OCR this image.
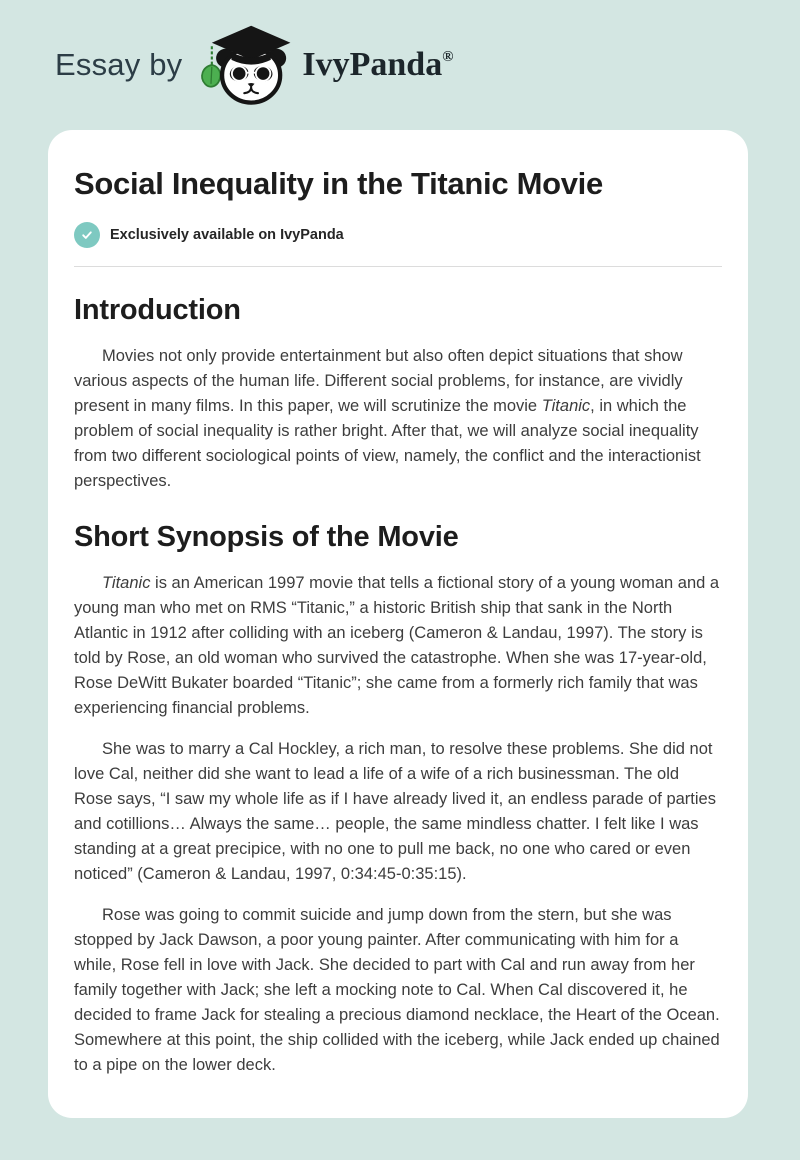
Essay by	IvyPanda®
Social Inequality in the Titanic Movie
Exclusively available on IvyPanda
Introduction

Movies not only provide entertainment but also often depict situations that show various aspects of the human life. Different social problems, for instance, are vividly present in many films. In this paper, we will scrutinize the movie Titanic, in which the problem of social inequality is rather bright. After that, we will analyze social inequality from two different sociological points of view, namely, the conflict and the interactionist perspectives.

Short Synopsis of the Movie

Titanic is an American 1997 movie that tells a fictional story of a young woman and a young man who met on RMS “Titanic,” a historic British ship that sank in the North Atlantic in 1912 after colliding with an iceberg (Cameron & Landau, 1997). The story is told by Rose, an old woman who survived the catastrophe. When she was 17-year-old, Rose DeWitt Bukater boarded “Titanic”; she came from a formerly rich family that was experiencing financial problems.

She was to marry a Cal Hockley, a rich man, to resolve these problems. She did not love Cal, neither did she want to lead a life of a wife of a rich businessman. The old Rose says, “I saw my whole life as if I have already lived it, an endless parade of parties and cotillions… Always the same… people, the same mindless chatter. I felt like I was standing at a great precipice, with no one to pull me back, no one who cared or even noticed” (Cameron & Landau, 1997, 0:34:45-0:35:15).

Rose was going to commit suicide and jump down from the stern, but she was stopped by Jack Dawson, a poor young painter. After communicating with him for a while, Rose fell in love with Jack. She decided to part with Cal and run away from her family together with Jack; she left a mocking note to Cal. When Cal discovered it, he decided to frame Jack for stealing a precious diamond necklace, the Heart of the Ocean. Somewhere at this point, the ship collided with the iceberg, while Jack ended up chained to a pipe on the lower deck.
